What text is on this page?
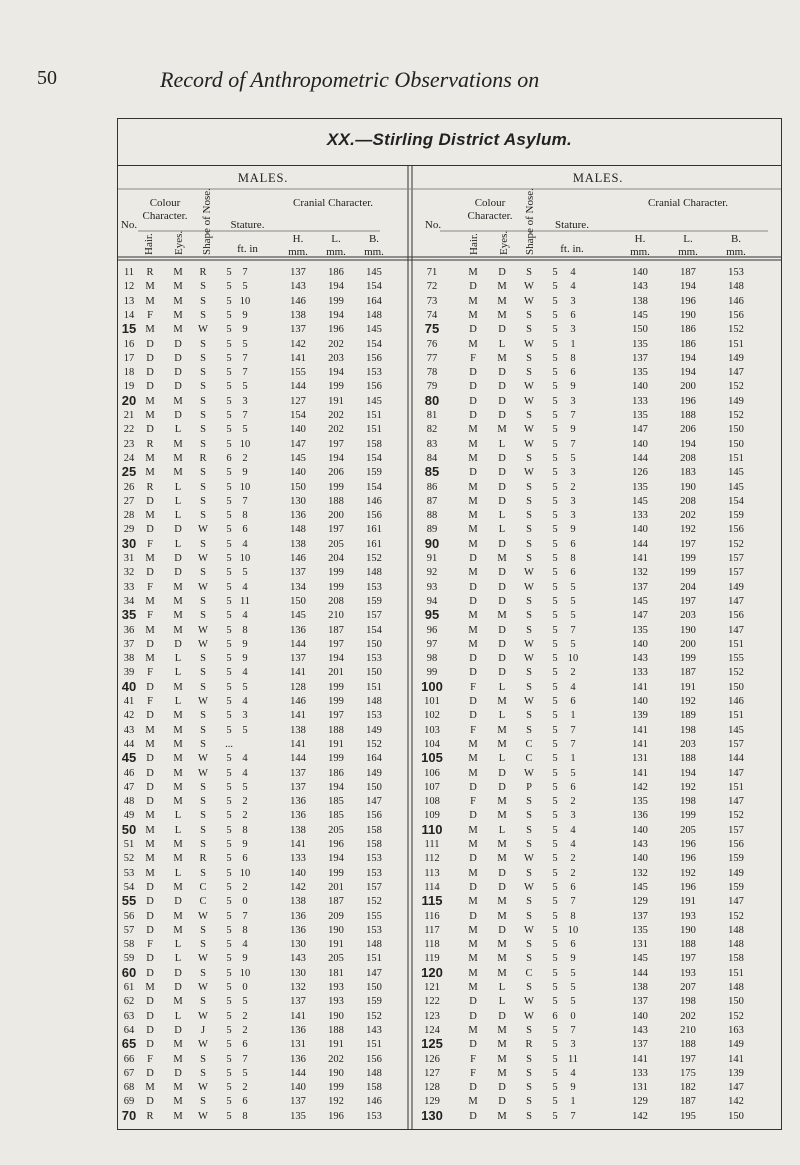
50	Record of Anthropometric Observations on
XX.—Stirling District Asylum.
MALES.	MALES.
No.
Colour Character.
Hair. Eyes. Shape of Nose.	Stature.
ft. in
Cranial Character.
H.	L.	B.
mm.	mm.	mm.
No.
Colour Character.
Hair. Eyes. Shape of Nose.	Stature.
ft. in.
Cranial Character.
H.	L.	B.
mm.	mm.	mm.
11	R	M	R	5	7	137	186	145
12	M	M	S	5	5	143	194	154
13	M	M	S	5 10	146	199	164
14	F	M	S	5	9	138	194	148
15 M	M	W	5	9	137	196	145
16	D	D	S	5	5	142	202	154
17	D	D	S	5	7	141	203	156
18	D	D	S	5	7	155	194	153
19	D	D	S	5	5	144	199	156
20 M	M	S	5	3	127	191	145
21	M	D	S	5	7	154	202	151
22	D	L	S	5	5	140	202	151
23	R	M	S	5 10	147	197	158
24	M	M	R	6	2	145	194	154
25 M	M	S	5	9	140	206	159
26	R	L	S	5 10	150	199	154
27	D	L	S	5	7	130	188	146
28	M	L	S	5	8	136	200	156
29	D	D	W	5	6	148	197	161
30	F	L	S	5	4	138	205	161
31	M	D	W	5 10	146	204	152
32	D	D	S	5	5	137	199	148
33	F	M	W	5	4	134	199	153
34	M	M	S	5 11	150	208	159
35	F	M	S	5	4	145	210	157
36	M	M	W	5	8	136	187	154
37	D	D	W	5	9	144	197	150
38	M	L	S	5	9	137	194	153
39	F	L	S	5	4	141	201	150
40 D	M	S	5	5	128	199	151
41	F	L	W	5	4	146	199	148
42	D	M	S	5	3	141	197	153
43	M	M	S	5	5	138	188	149
44	M	M	S	...	141	191	152
45 D	M	W	5	4	144	199	164
46	D	M	W	5	4	137	186	149
47	D	M	S	5	5	137	194	150
48	D	M	S	5	2	136	185	147
49	M	L	S	5	2	136	185	156
50 M	L	S	5	8	138	205	158
51	M	M	S	5	9	141	196	158
52	M	M	R	5	6	133	194	153
53	M	L	S	5 10	140	199	153
54	D	M	C	5	2	142	201	157
55 D	D	C	5	0	138	187	152
56	D	M	W	5	7	136	209	155
57	D	M	S	5	8	136	190	153
58	F	L	S	5	4	130	191	148
59	D	L	W	5	9	143	205	151
60 D	D	S	5 10	130	181	147
61	M	D	W	5	0	132	193	150
62	D	M	S	5	5	137	193	159
63	D	L	W	5	2	141	190	152
64	D	D	J	5	2	136	188	143
65 D	M	W	5	6	131	191	151
66	F	M	S	5	7	136	202	156
67	D	D	S	5	5	144	190	148
68	M	M	W	5	2	140	199	158
69	D	M	S	5	6	137	192	146
70 R	M	W	5	8	135	196	153
71	M	D	S	5	4	140	187	153
72	D	M	W	5	4	143	194	148
73	M	M	W	5	3	138	196	146
74	M	M	S	5	6	145	190	156
75	D	D	S	5	3	150	186	152
76	M	L	W	5	1	135	186	151
77	F	M	S	5	8	137	194	149
78	D	D	S	5	6	135	194	147
79	D	D	W	5	9	140	200	152
80	D	D	W	5	3	133	196	149
81	D	D	S	5	7	135	188	152
82	M	M	W	5	9	147	206	150
83	M	L	W	5	7	140	194	150
84	M	D	S	5	5	144	208	151
85	D	D	W	5	3	126	183	145
86	M	D	S	5	2	135	190	145
87	M	D	S	5	3	145	208	154
88	M	L	S	5	3	133	202	159
89	M	L	S	5	9	140	192	156
90	M	D	S	5	6	144	197	152
91	D	M	S	5	8	141	199	157
92	M	D	W	5	6	132	199	157
93	D	D	W	5	5	137	204	149
94	D	D	S	5	5	145	197	147
95	M	M	S	5	5	147	203	156
96	M	D	S	5	7	135	190	147
97	M	D	W	5	5	140	200	151
98	D	D	W	5 10	143	199	155
99	D	D	S	5	2	133	187	152
100	F	L	S	5	4	141	191	150
101	D	M	W	5	6	140	192	146
102	D	L	S	5	1	139	189	151
103	F	M	S	5	7	141	198	145
104	M	M	C	5	7	141	203	157
105	M	L	C	5	1	131	188	144
106	M	D	W	5	5	141	194	147
107	D	D	P	5	6	142	192	151
108	F	M	S	5	2	135	198	147
109	D	M	S	5	3	136	199	152
110	M	L	S	5	4	140	205	157
111	M	M	S	5	4	143	196	156
112	D	M	W	5	2	140	196	159
113	M	D	S	5	2	132	192	149
114	D	D	W	5	6	145	196	159
115	M	M	S	5	7	129	191	147
116	D	M	S	5	8	137	193	152
117	M	D	W	5 10	135	190	148
118	M	M	S	5	6	131	188	148
119	M	M	S	5	9	145	197	158
120	M	M	C	5	5	144	193	151
121	M	L	S	5	5	138	207	148
122	D	L	W	5	5	137	198	150
123	D	D	W	6	0	140	202	152
124	M	M	S	5	7	143	210	163
125	D	M	R	5	3	137	188	149
126	F	M	S	5 11	141	197	141
127	F	M	S	5	4	133	175	139
128	D	D	S	5	9	131	182	147
129	M	D	S	5	1	129	187	142
130	D	M	S	5	7	142	195	150
